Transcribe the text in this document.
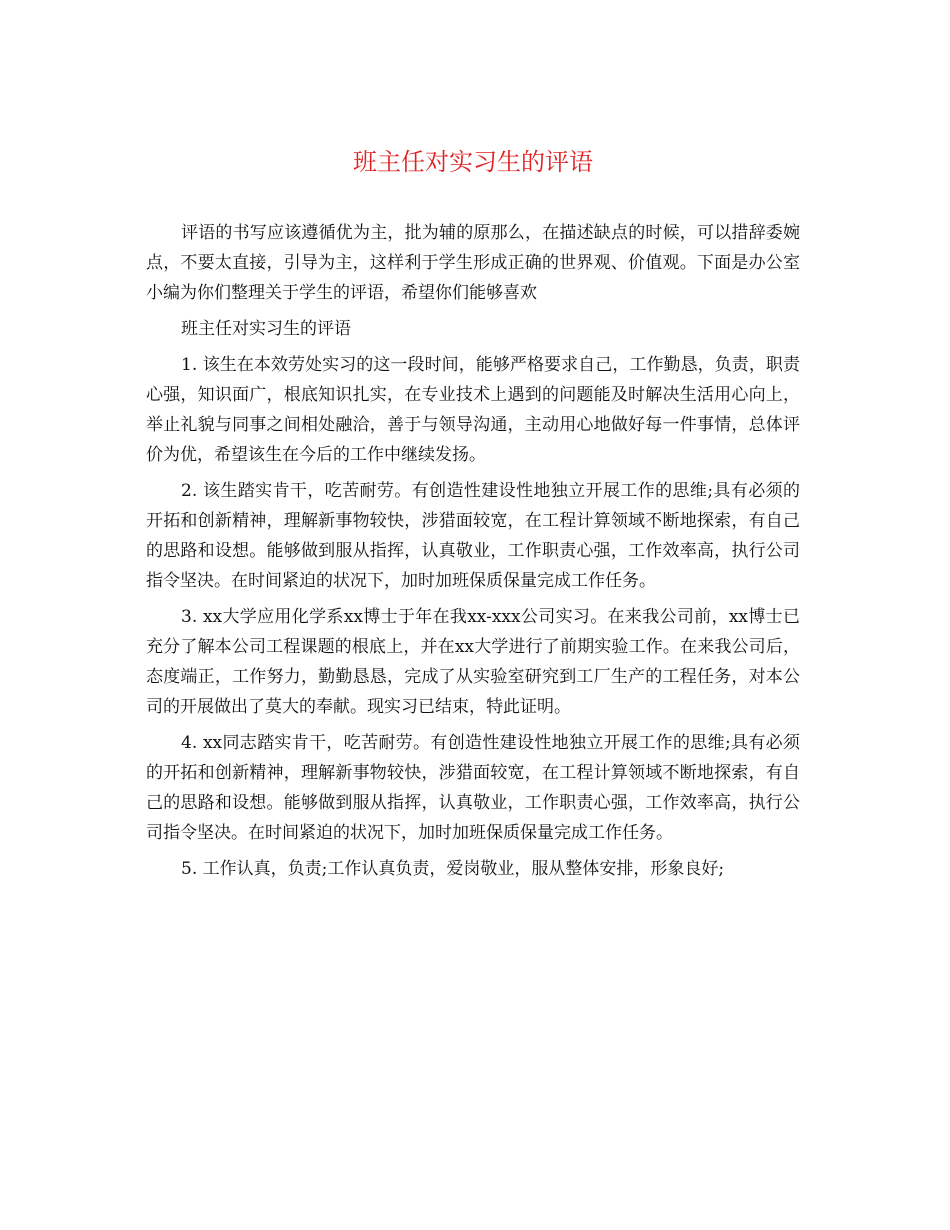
班主任对实习生的评语

评语的书写应该遵循优为主，批为辅的原那么，在描述缺点的时候，可以措辞委婉点，不要太直接，引导为主，这样利于学生形成正确的世界观、价值观。下面是办公室小编为你们整理关于学生的评语，希望你们能够喜欢

班主任对实习生的评语

1. 该生在本效劳处实习的这一段时间，能够严格要求自己，工作勤恳，负责，职责心强，知识面广，根底知识扎实，在专业技术上遇到的问题能及时解决生活用心向上，举止礼貌与同事之间相处融洽，善于与领导沟通，主动用心地做好每一件事情，总体评价为优，希望该生在今后的工作中继续发扬。

2. 该生踏实肯干，吃苦耐劳。有创造性建设性地独立开展工作的思维;具有必须的开拓和创新精神，理解新事物较快，涉猎面较宽，在工程计算领域不断地探索，有自己的思路和设想。能够做到服从指挥，认真敬业，工作职责心强，工作效率高，执行公司指令坚决。在时间紧迫的状况下，加时加班保质保量完成工作任务。

3. xx大学应用化学系xx博士于年在我xx-xxx公司实习。在来我公司前，xx博士已充分了解本公司工程课题的根底上，并在xx大学进行了前期实验工作。在来我公司后，态度端正，工作努力，勤勤恳恳，完成了从实验室研究到工厂生产的工程任务，对本公司的开展做出了莫大的奉献。现实习已结束，特此证明。

4. xx同志踏实肯干，吃苦耐劳。有创造性建设性地独立开展工作的思维;具有必须的开拓和创新精神，理解新事物较快，涉猎面较宽，在工程计算领域不断地探索，有自己的思路和设想。能够做到服从指挥，认真敬业，工作职责心强，工作效率高，执行公司指令坚决。在时间紧迫的状况下，加时加班保质保量完成工作任务。

5. 工作认真，负责;工作认真负责，爱岗敬业，服从整体安排，形象良好;
